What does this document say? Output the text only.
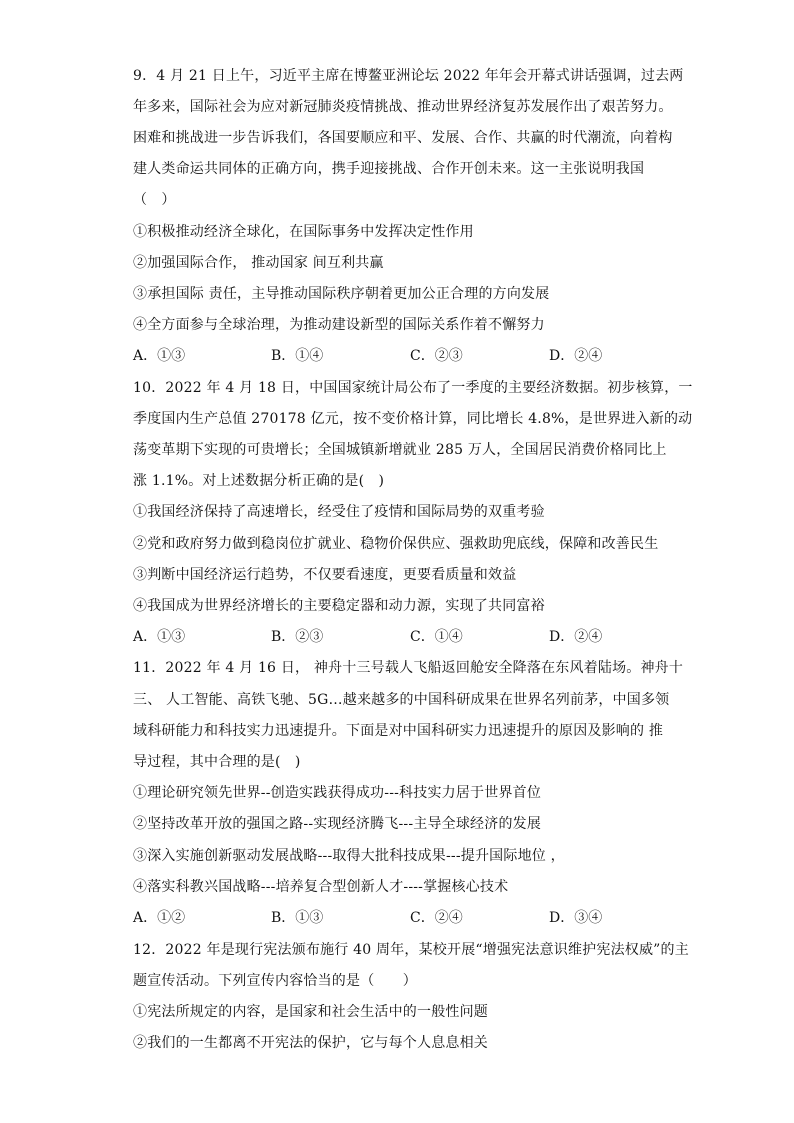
9．4 月 21 日上午，习近平主席在博鳌亚洲论坛 2022 年年会开幕式讲话强调，过去两
年多来，国际社会为应对新冠肺炎疫情挑战、推动世界经济复苏发展作出了艰苦努力。
困难和挑战进一步告诉我们，各国要顺应和平、发展、合作、共赢的时代潮流，向着构
建人类命运共同体的正确方向，携手迎接挑战、合作开创未来。这一主张说明我国
（　）
①积极推动经济全球化，在国际事务中发挥决定性作用
②加强国际合作， 推动国家 间互利共赢
③承担国际 责任，主导推动国际秩序朝着更加公正合理的方向发展
④全方面参与全球治理，为推动建设新型的国际关系作着不懈努力
A．①③	B．①④	C．②③	D．②④
10．2022 年 4 月 18 日，中国国家统计局公布了一季度的主要经济数据。初步核算，一
季度国内生产总值 270178 亿元，按不变价格计算，同比增长 4.8%，是世界进入新的动
荡变革期下实现的可贵增长；全国城镇新增就业 285 万人，全国居民消费价格同比上
涨 1.1%。对上述数据分析正确的是(　)
①我国经济保持了高速增长，经受住了疫情和国际局势的双重考验
②党和政府努力做到稳岗位扩就业、稳物价保供应、强救助兜底线，保障和改善民生
③判断中国经济运行趋势，不仅要看速度，更要看质量和效益
④我国成为世界经济增长的主要稳定器和动力源，实现了共同富裕
A．①③	B．②③	C．①④	D．②④
11．2022 年 4 月 16 日， 神舟十三号载人飞船返回舱安全降落在东风着陆场。神舟十
三、 人工智能、高铁飞驰、5G…越来越多的中国科研成果在世界名列前茅，中国多领
域科研能力和科技实力迅速提升。下面是对中国科研实力迅速提升的原因及影响的 推
导过程，其中合理的是(　)
①理论研究领先世界--创造实践获得成功---科技实力居于世界首位
②坚持改革开放的强国之路--实现经济腾飞---主导全球经济的发展
③深入实施创新驱动发展战略---取得大批科技成果---提升国际地位 ，
④落实科教兴国战略---培养复合型创新人才----掌握核心技术
A．①②	B．①③	C．②④	D．③④
12．2022 年是现行宪法颁布施行 40 周年，某校开展“增强宪法意识维护宪法权威”的主
题宣传活动。下列宣传内容恰当的是（　　）
①宪法所规定的内容，是国家和社会生活中的一般性问题
②我们的一生都离不开宪法的保护，它与每个人息息相关
